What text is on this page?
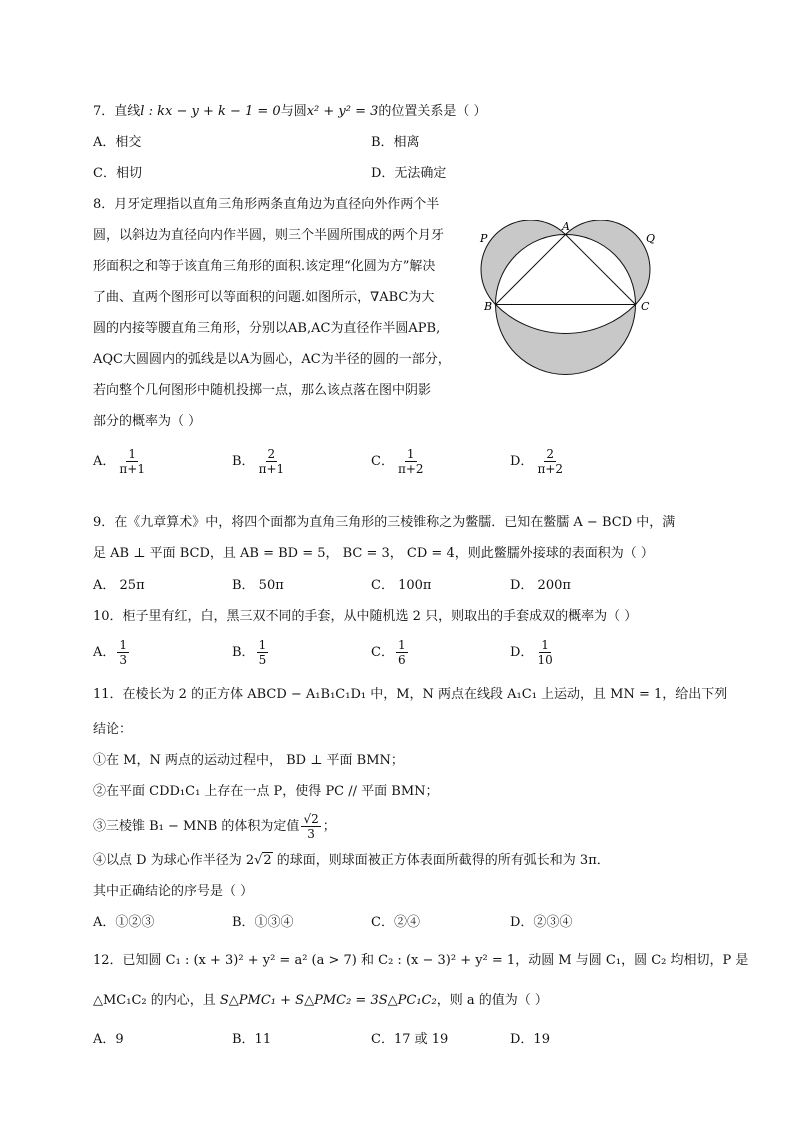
7．直线l : kx − y + k − 1 = 0与圆x² + y² = 3的位置关系是（ ）
A．相交	B．相离
C．相切	D．无法确定
8．月牙定理指以直角三角形两条直角边为直径向外作两个半
圆，以斜边为直径向内作半圆，则三个半圆所围成的两个月牙
形面积之和等于该直角三角形的面积.该定理“化圆为方”解决
了曲、直两个图形可以等面积的问题.如图所示，∇ABC为大
圆的内接等腰直角三角形，分别以AB,AC为直径作半圆APB,
AQC大圆圆内的弧线是以A为圆心，AC为半径的圆的一部分，
若向整个几何图形中随机投掷一点，那么该点落在图中阴影
部分的概率为（ ）
A
P	Q
B	C
A． $\frac{1}{\pi+1}$	B． $\frac{2}{\pi+1}$	C． $\frac{1}{\pi+2}$	D． $\frac{2}{\pi+2}$
9．在《九章算术》中，将四个面都为直角三角形的三棱锥称之为鳖臑．已知在鳖臑 A − BCD 中，满
足 AB ⊥ 平面 BCD，且 AB = BD = 5， BC = 3， CD = 4，则此鳖臑外接球的表面积为（ ）
A． 25π	B． 50π	C． 100π	D． 200π
10．柜子里有红，白，黑三双不同的手套，从中随机选 2 只，则取出的手套成双的概率为（ ）
A． $\frac{1}{3}$	B． $\frac{1}{5}$	C． $\frac{1}{6}$	D． $\frac{1}{10}$
11．在棱长为 2 的正方体 ABCD − A₁B₁C₁D₁ 中，M，N 两点在线段 A₁C₁ 上运动，且 MN = 1，给出下列
结论：
①在 M，N 两点的运动过程中， BD ⊥ 平面 BMN；
②在平面 CDD₁C₁ 上存在一点 P，使得 PC // 平面 BMN；
③三棱锥 B₁ − MNB 的体积为定值 $\frac{√2}{3}$ ；
④以点 D 为球心作半径为 2√2 的球面，则球面被正方体表面所截得的所有弧长和为 3π．
其中正确结论的序号是（ ）
A．①②③	B．①③④	C．②④	D．②③④
12．已知圆 C₁ : (x + 3)² + y² = a² (a > 7) 和 C₂ : (x − 3)² + y² = 1，动圆 M 与圆 C₁，圆 C₂ 均相切，P 是
△MC₁C₂ 的内心，且 S△PMC₁ + S△PMC₂ = 3S△PC₁C₂，则 a 的值为（ ）
A．9	B．11	C．17 或 19	D．19
